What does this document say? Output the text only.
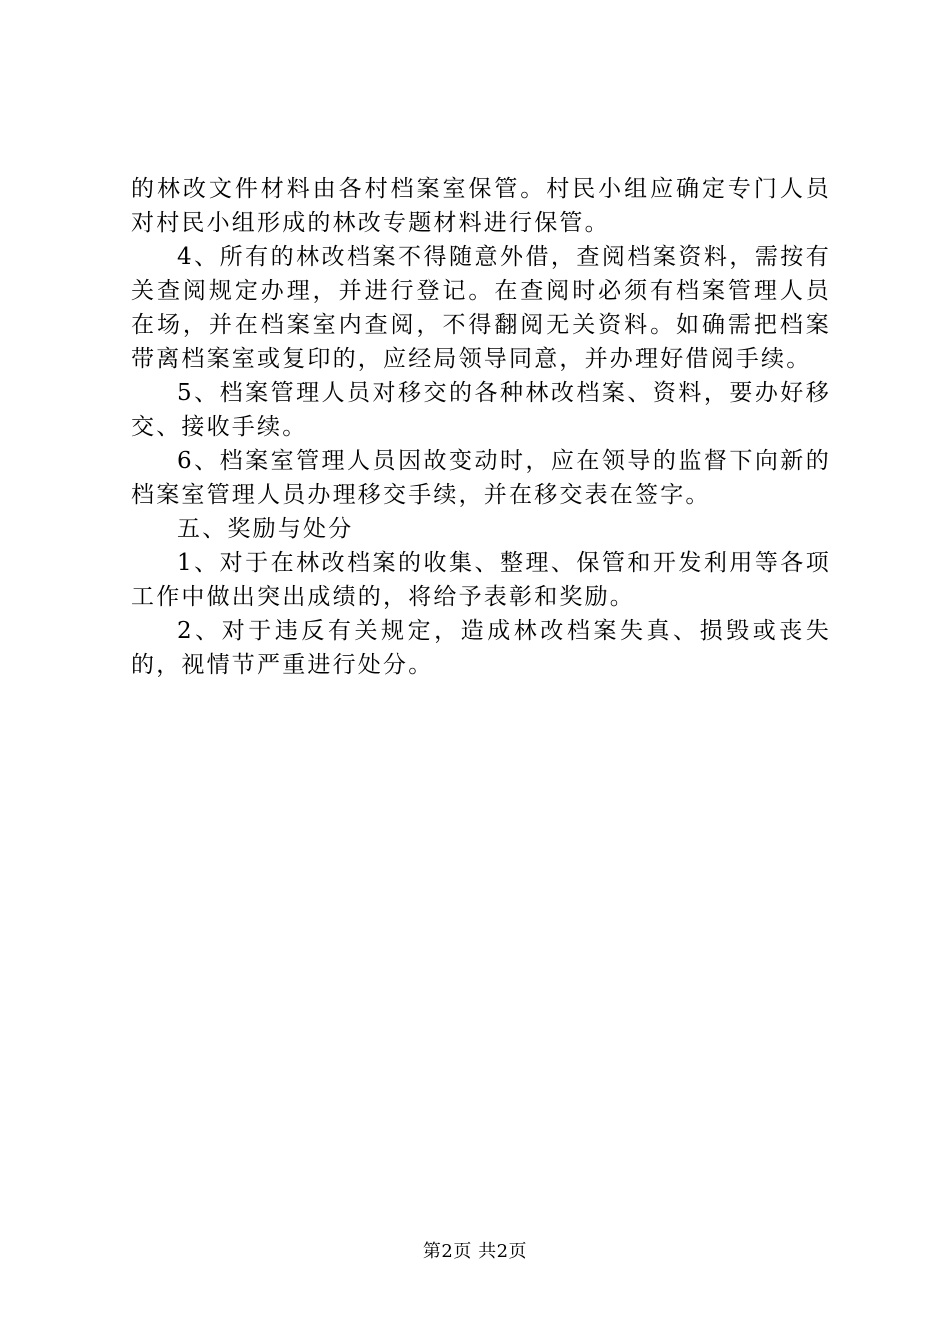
的林改文件材料由各村档案室保管。村民小组应确定专门人员对村民小组形成的林改专题材料进行保管。

4、所有的林改档案不得随意外借，查阅档案资料，需按有关查阅规定办理，并进行登记。在查阅时必须有档案管理人员在场，并在档案室内查阅，不得翻阅无关资料。如确需把档案带离档案室或复印的，应经局领导同意，并办理好借阅手续。

5、档案管理人员对移交的各种林改档案、资料，要办好移交、接收手续。

6、档案室管理人员因故变动时，应在领导的监督下向新的档案室管理人员办理移交手续，并在移交表在签字。

五、奖励与处分

1、对于在林改档案的收集、整理、保管和开发利用等各项工作中做出突出成绩的，将给予表彰和奖励。

2、对于违反有关规定，造成林改档案失真、损毁或丧失的，视情节严重进行处分。

第2页 共2页
